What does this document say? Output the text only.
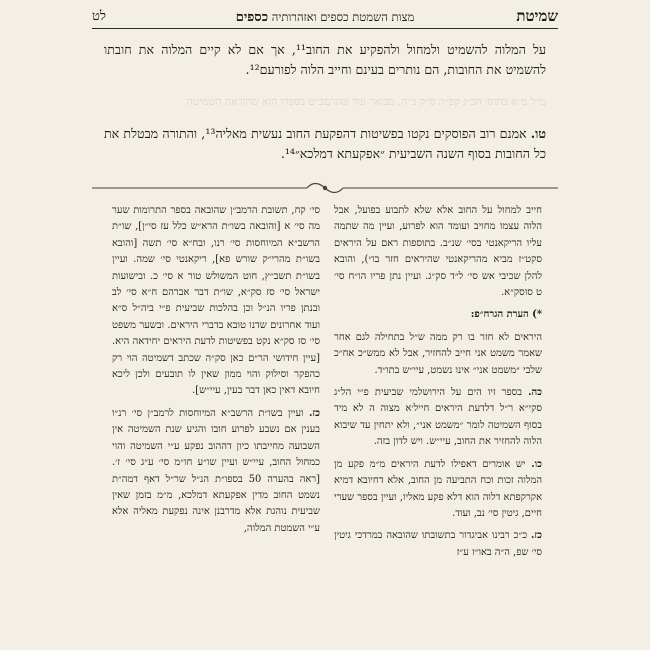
שמיטת
מצות השמטת כספים ואזהרותיה כספים
לט

על המלוה להשמיט ולמחול ולהפקיע את החוב¹¹, אך אם לא קיים המלוה את חובתו להשמיט את החובות, הם נותרים בעינם וחייב הלוה לפורעם¹².

מ״ל מ״א בתוס׳ הכ״ג קפ״ה ס״ק כ״ה, מבואר עוד שהרמב״ם בספרו הוא שהוראת השמיטה

טו. אמנם רוב הפוסקים נקטו בפשיטות דהפקעת החוב נעשית מאליה¹³, והתורה מבטלת את כל החובות בסוף השנה השביעית ״אפקעתא דמלכא״¹⁴.

חייב למחול על החוב אלא שלא לתבוע בפועל, אבל הלוה עצמו מחויב ועומד הוא לפרוע, ועיין מה שתמה עליו הריקאנטי בסי׳ שנ״ב. בתוספות ראם על היראים סקט״ז מביא מהריקאנטי שהיראים חזר בו״), והובא להלן שכיבי אש סי׳ ל״ד סק״ג. ועיין נתן פריו הו״ח סי׳ ט סוסק״א.

*) הערת הגרח״פ:

היראים לא חזר בו רק ממה ש״ל בתחילה לגם אחר שאמר משמט אני חייב להחזיר, אבל לא ממש״כ אח״כ שלבי ״משמט אני״ אינו נשמט, עיי״ש בתו״ד.

כה. בספר זיו הים על הירושלמי שביעית פ״י הל״ג סקי״א ר״ל דלדעת היראים חייל׳א מצוה ה לא מיד בסוף השמיטה לומר ״משמט אני״, ולא יתחין עד שיבוא הלוה להחזיר את החוב, עיי״ש. ויש לדון בזה.

כו. יש אומרים דאפילו לדעת היראים מ״מ פקע מן המלוה זכות וכח התביעה מן החוב, אלא דחיובא דמיא אקרקפתא דלוה הוא דלא פקע מאליו, ועיין בספר שערי חיים, גיטין סי׳ נב, ועוד.

כז. כ״כ רבינו אביגדור בתשובתו שהובאה במרדכי גיטין סי׳ שפ, ה״ה באו״ז ע״ז

סי׳ קח, תשובת הרמב״ן שהובאה בספר התרומות שער מה סי׳ א [והובאה בשו״ת הרא״ש כלל עז סי״ן], שו״ת הרשב״א המיוחסות סי׳ רנו, ובח״א סי׳ תשה [והובא בשו״ת מהרי״ק שורש פא], ריקאנטי סי׳ שמה. ועיין בשו״ת תשב״ץ, חוט המשולש טור א סי׳ כ. ובישועות ישראל סי׳ סז סק״א, שו״ת דבר אברהם ח״א סי׳ לב ובנתן פריו הנ״ל וכן בהלכות שביעית פ״י ביה״ל ס״א ועוד אחרונים שדנו טובא בדברי היראים. ובשער משפט סי׳ סז סק״א נקט בפשיטות לדעת היראים יחידאה היא. [עיין חידושי הר״ם כאן סק״ה שכתב דשמיטה הוי רק כהפקר וסילוק והוי ממון שאין לו תובעים ולכן ליכא חיובא דאין כאן דבר בעין, עיי״ש].

כז. ועיין בשו״ת הרשב״א המיוחסות לרמב״ן סי׳ רנ״ו בענין אם נשבע לפרוע חובו והגיע שנת השמיטה אין השבועה מחייבתו כיון דההוב נפקע ע״י השמיטה והוי כמחול החוב, עיי״ש ועיין שו״ע חו״מ סי׳ ע״ג סי׳ ז׳. [ראה בהערה 50 בספו״ת הנ״ל שר״ל דאף דמה״ת נשמט החוב מדין אפקעתא דמלכא, מ״מ בזמן שאין שביעית נוהגת אלא מדרבנן אינה נפקעת מאליה אלא ע״י השמטת המלוה,
